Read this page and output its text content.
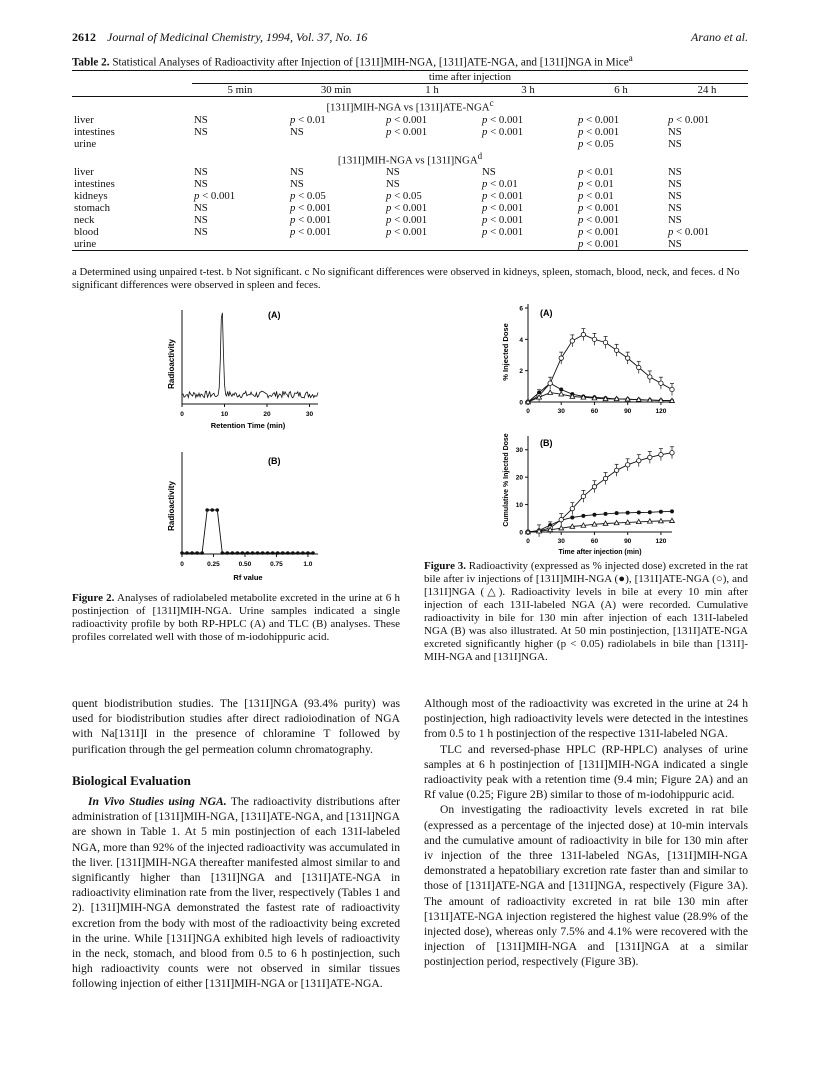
2612 Journal of Medicinal Chemistry, 1994, Vol. 37, No. 16	Arano et al.
Table 2. Statistical Analyses of Radioactivity after Injection of [131I]MIH-NGA, [131I]ATE-NGA, and [131I]NGA in Mice$^a$
	time after injection					
	5 min	30 min	1 h	3 h	6 h	24 h
[131I]MIH-NGA vs [131I]ATE-NGA$^c$
liver	NS	p < 0.01	p < 0.001	p < 0.001	p < 0.001	p < 0.001
intestines	NS	NS	p < 0.001	p < 0.001	p < 0.001	NS
urine					p < 0.05	NS
[131I]MIH-NGA vs [131I]NGA$^d$
liver	NS	NS	NS	NS	p < 0.01	NS
intestines	NS	NS	NS	p < 0.01	p < 0.01	NS
kidneys	p < 0.001	p < 0.05	p < 0.05	p < 0.001	p < 0.01	NS
stomach	NS	p < 0.001	p < 0.001	p < 0.001	p < 0.001	NS
neck	NS	p < 0.001	p < 0.001	p < 0.001	p < 0.001	NS
blood	NS	p < 0.001	p < 0.001	p < 0.001	p < 0.001	p < 0.001
urine					p < 0.001	NS
a Determined using unpaired t-test. b Not significant. c No significant differences were observed in kidneys, spleen, stomach, blood, neck, and feces. d No significant differences were observed in spleen and feces.
Radioactivity
(A)
0	10	20	30
Retention Time (min)
Radioactivity
(B)
0	0.25	0.50	0.75	1.0
Rf value
Figure 2. Analyses of radiolabeled metabolite excreted in the urine at 6 h postinjection of [131I]MIH-NGA. Urine samples indicated a single radioactivity profile by both RP-HPLC (A) and TLC (B) analyses. These profiles correlated well with those of m-iodohippuric acid.
% Injected Dose
(A)
0
2
4
6
0	30	60	90	120
Cumulative % Injected Dose	(B)
0
10
20
30
0	30	60	90	120
Time after injection (min)
Figure 3. Radioactivity (expressed as % injected dose) excreted in the rat bile after iv injections of [131I]MIH-NGA (●), [131I]ATE-NGA (○), and [131I]NGA (△). Radioactivity levels in bile at every 10 min after injection of each 131I-labeled NGA (A) were recorded. Cumulative radioactivity in bile for 130 min after injection of each 131I-labeled NGA (B) was also illustrated. At 50 min postinjection, [131I]ATE-NGA excreted significantly higher (p < 0.05) radiolabels in bile than [131I]-MIH-NGA and [131I]NGA.

quent biodistribution studies. The [131I]NGA (93.4% purity) was used for biodistribution studies after direct radioiodination of NGA with Na[131I]I in the presence of chloramine T followed by purification through the gel permeation column chromatography.

Biological Evaluation

In Vivo Studies using NGA. The radioactivity distributions after administration of [131I]MIH-NGA, [131I]ATE-NGA, and [131I]NGA are shown in Table 1. At 5 min postinjection of each 131I-labeled NGA, more than 92% of the injected radioactivity was accumulated in the liver. [131I]MIH-NGA thereafter manifested almost similar to and significantly higher than [131I]NGA and [131I]ATE-NGA in radioactivity elimination rate from the liver, respectively (Tables 1 and 2). [131I]MIH-NGA demonstrated the fastest rate of radioactivity excretion from the body with most of the radioactivity being excreted in the urine. While [131I]NGA exhibited high levels of radioactivity in the neck, stomach, and blood from 0.5 to 6 h postinjection, such high radioactivity counts were not observed in similar tissues following injection of either [131I]MIH-NGA or [131I]ATE-NGA.

Although most of the radioactivity was excreted in the urine at 24 h postinjection, high radioactivity levels were detected in the intestines from 0.5 to 1 h postinjection of the respective 131I-labeled NGA.

TLC and reversed-phase HPLC (RP-HPLC) analyses of urine samples at 6 h postinjection of [131I]MIH-NGA indicated a single radioactivity peak with a retention time (9.4 min; Figure 2A) and an Rf value (0.25; Figure 2B) similar to those of m-iodohippuric acid.

On investigating the radioactivity levels excreted in rat bile (expressed as a percentage of the injected dose) at 10-min intervals and the cumulative amount of radioactivity in bile for 130 min after iv injection of the three 131I-labeled NGAs, [131I]MIH-NGA demonstrated a hepatobiliary excretion rate faster than and similar to those of [131I]ATE-NGA and [131I]NGA, respectively (Figure 3A). The amount of radioactivity excreted in rat bile 130 min after [131I]ATE-NGA injection registered the highest value (28.9% of the injected dose), whereas only 7.5% and 4.1% were recovered with the injection of [131I]MIH-NGA and [131I]NGA at a similar postinjection period, respectively (Figure 3B).
